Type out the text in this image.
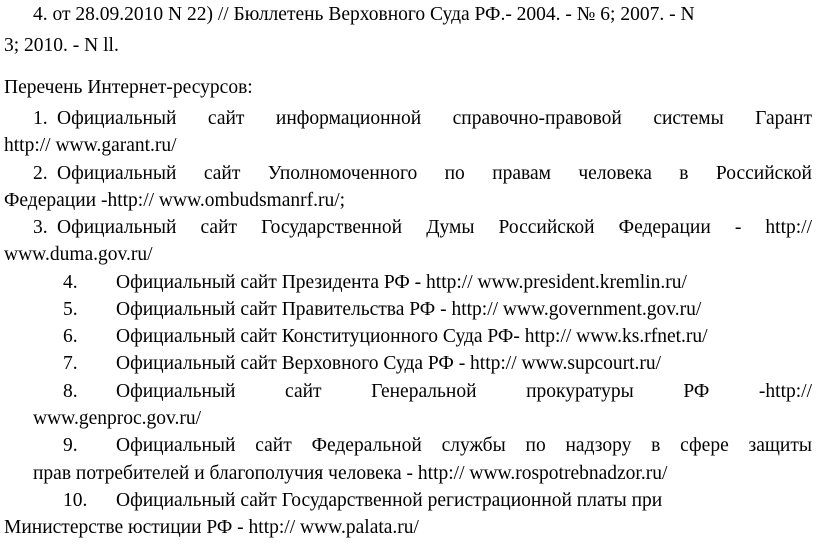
4. от 28.09.2010 N 22) // Бюллетень Верховного Суда РФ.- 2004. - № 6; 2007. - N
3; 2010. - N ll.
Перечень Интернет-ресурсов:
1. Официальный сайт информационной справочно-правовой системы Гарант
http:// www.garant.ru/
2. Официальный сайт Уполномоченного по правам человека в Российской
Федерации -http:// www.ombudsmanrf.ru/;
3. Официальный сайт Государственной Думы Российской Федерации - http://
www.duma.gov.ru/
4. Официальный сайт Президента РФ - http:// www.president.kremlin.ru/
5. Официальный сайт Правительства РФ - http:// www.government.gov.ru/
6. Официальный сайт Конституционного Суда РФ- http:// www.ks.rfnet.ru/
7. Официальный сайт Верховного Суда РФ - http:// www.supcourt.ru/
8. Официальный сайт Генеральной прокуратуры РФ -http://
www.genproc.gov.ru/
9. Официальный сайт Федеральной службы по надзору в сфере защиты
прав потребителей и благополучия человека - http:// www.rospotrebnadzor.ru/
10. Официальный сайт Государственной регистрационной платы при
Министерстве юстиции РФ - http:// www.palata.ru/
